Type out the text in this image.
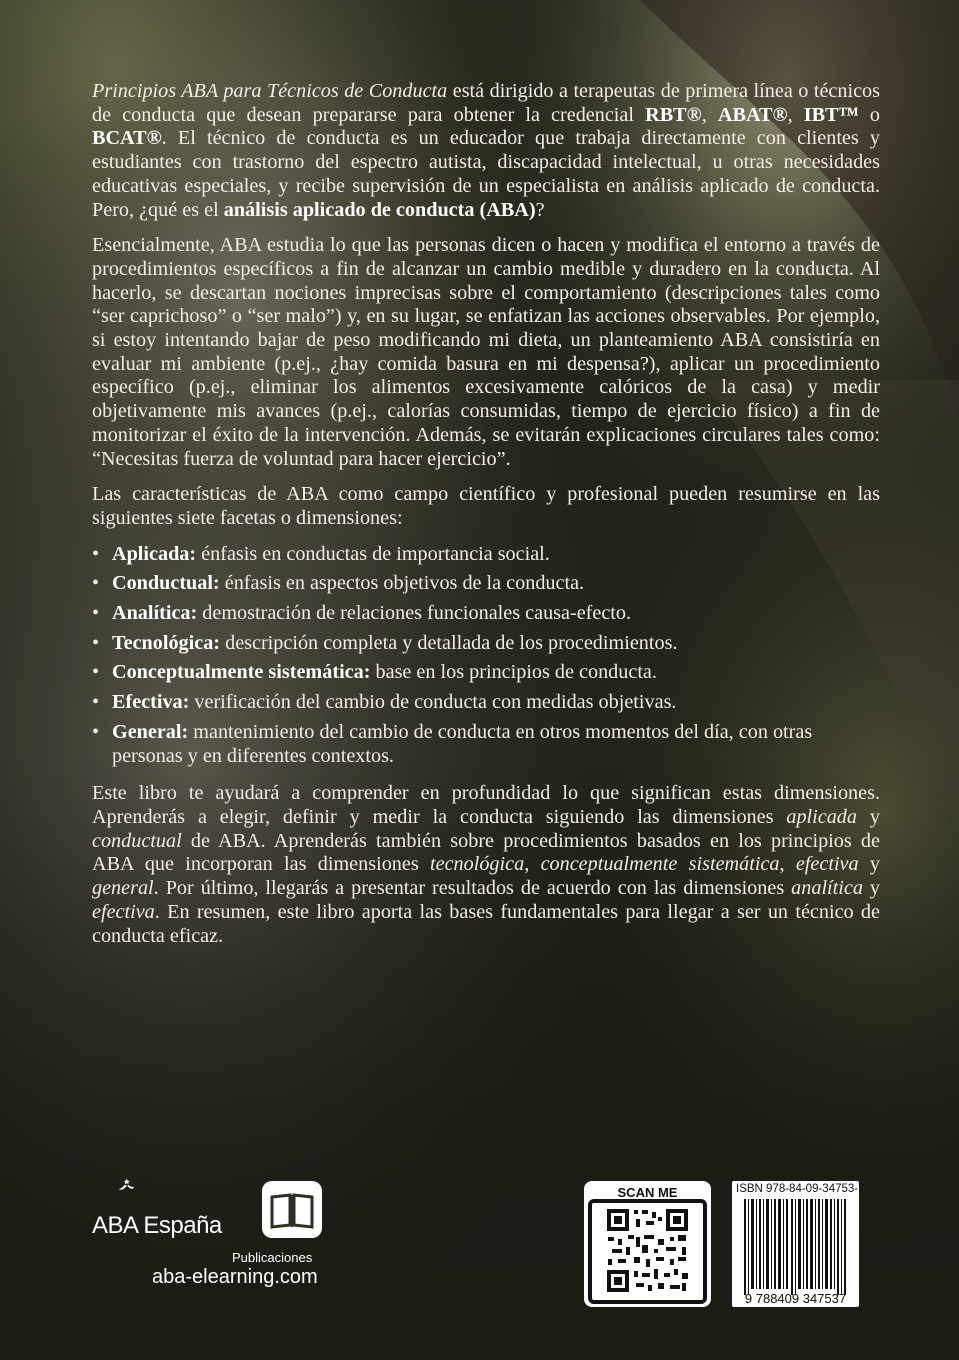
Principios ABA para Técnicos de Conducta está dirigido a terapeutas de primera línea o técnicos de conducta que desean prepararse para obtener la credencial RBT®, ABAT®, IBT™ o BCAT®. El técnico de conducta es un educador que trabaja directamente con clientes y estudiantes con trastorno del espectro autista, discapacidad intelectual, u otras necesidades educativas especiales, y recibe supervisión de un especialista en análisis aplicado de conducta. Pero, ¿qué es el análisis aplicado de conducta (ABA)?

Esencialmente, ABA estudia lo que las personas dicen o hacen y modifica el entorno a través de procedimientos específicos a fin de alcanzar un cambio medible y duradero en la conducta. Al hacerlo, se descartan nociones imprecisas sobre el comportamiento (descripciones tales como “ser caprichoso” o “ser malo”) y, en su lugar, se enfatizan las acciones observables. Por ejemplo, si estoy intentando bajar de peso modificando mi dieta, un planteamiento ABA consistiría en evaluar mi ambiente (p.ej., ¿hay comida basura en mi despensa?), aplicar un procedimiento específico (p.ej., eliminar los alimentos excesivamente calóricos de la casa) y medir objetivamente mis avances (p.ej., calorías consumidas, tiempo de ejercicio físico) a fin de monitorizar el éxito de la intervención. Además, se evitarán explicaciones circulares tales como: “Necesitas fuerza de voluntad para hacer ejercicio”.

Las características de ABA como campo científico y profesional pueden resumirse en las siguientes siete facetas o dimensiones:

• Aplicada: énfasis en conductas de importancia social.
• Conductual: énfasis en aspectos objetivos de la conducta.
• Analítica: demostración de relaciones funcionales causa-efecto.
• Tecnológica: descripción completa y detallada de los procedimientos.
• Conceptualmente sistemática: base en los principios de conducta.
• Efectiva: verificación del cambio de conducta con medidas objetivas.
• General: mantenimiento del cambio de conducta en otros momentos del día, con otras personas y en diferentes contextos.

Este libro te ayudará a comprender en profundidad lo que significan estas dimensiones. Aprenderás a elegir, definir y medir la conducta siguiendo las dimensiones aplicada y conductual de ABA. Aprenderás también sobre procedimientos basados en los principios de ABA que incorporan las dimensiones tecnológica, conceptualmente sistemática, efectiva y general. Por último, llegarás a presentar resultados de acuerdo con las dimensiones analítica y efectiva. En resumen, este libro aporta las bases fundamentales para llegar a ser un técnico de conducta eficaz.

ABA España
Publicaciones
aba-elearning.com
SCAN ME	ISBN 978-84-09-34753-7
9 788409 347537
